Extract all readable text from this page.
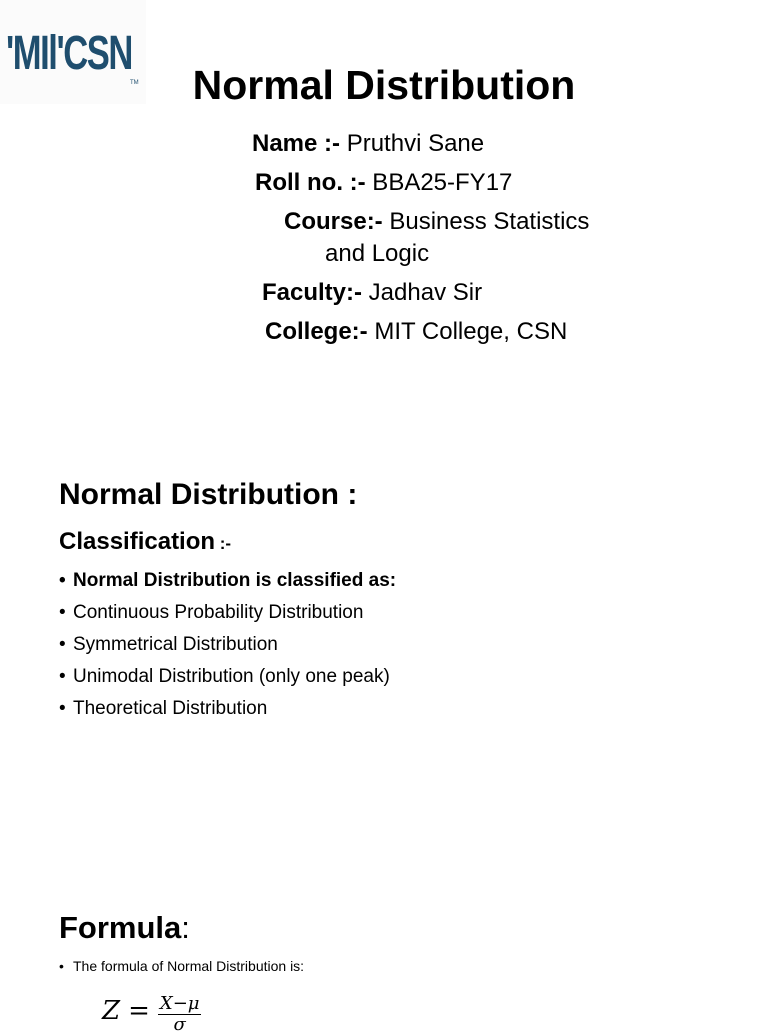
'MIl'CSN
TM	Normal Distribution
Name :- Pruthvi Sane
Roll no. :- BBA25-FY17
Course:- Business Statistics
and Logic
Faculty:- Jadhav Sir
College:- MIT College, CSN
Normal Distribution :
Classification :-
• Normal Distribution is classified as:
• Continuous Probability Distribution
• Symmetrical Distribution
• Unimodal Distribution (only one peak)
• Theoretical Distribution
Formula:
• The formula of Normal Distribution is:
$Z = \frac{X-\mu}{\sigma}$
